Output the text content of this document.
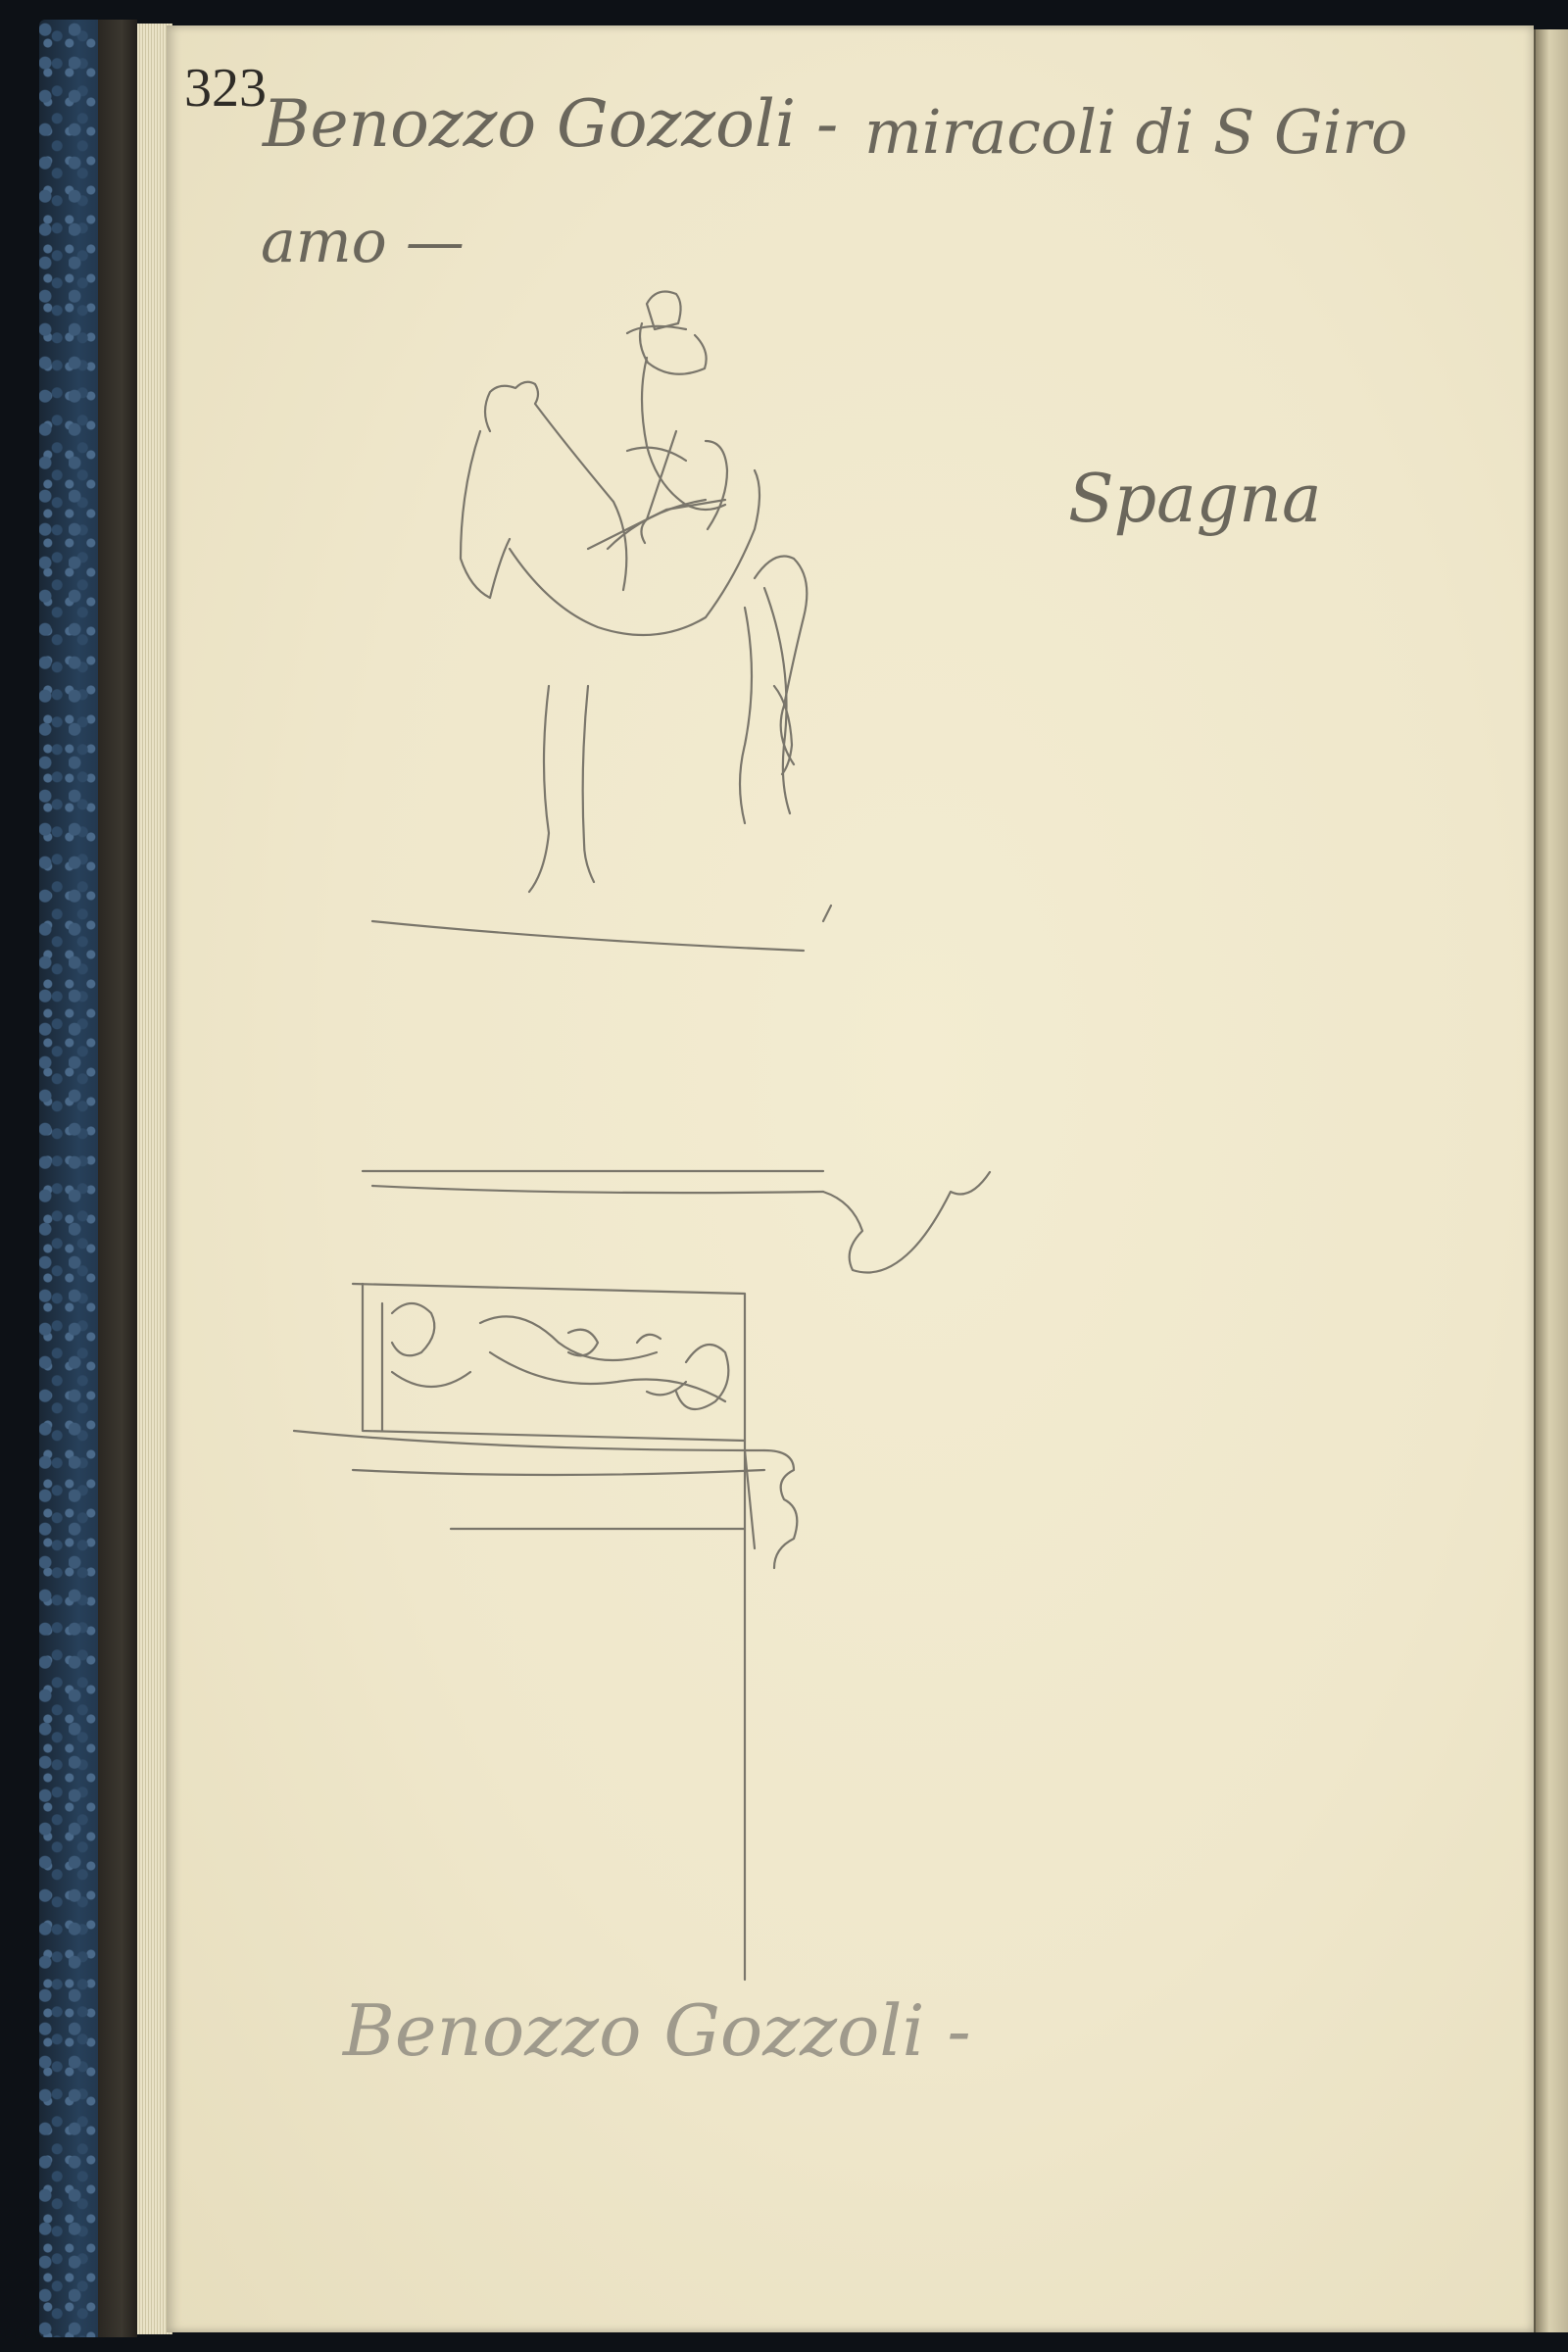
323
Benozzo Gozzoli - miracoli di S Giro
amo —
Spagna
Benozzo Gozzoli -
